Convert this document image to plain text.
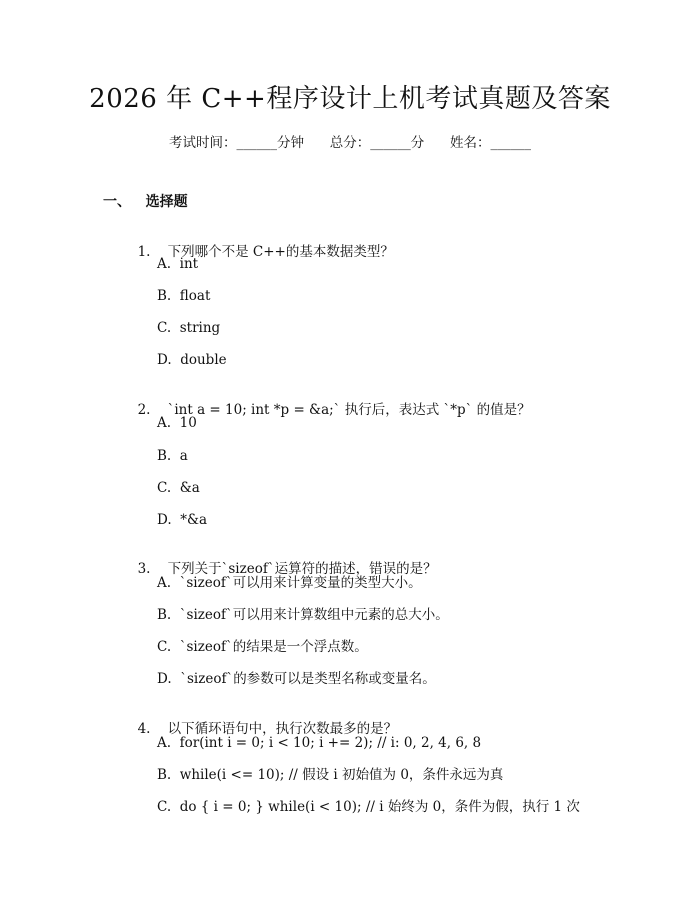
2026 年 C++程序设计上机考试真题及答案
考试时间：______分钟      总分：______分      姓名：______
一、   选择题

1. 下列哪个不是 C++的基本数据类型？

A.  int
B.  float
C.  string
D.  double

2. `int a = 10; int *p = &a;` 执行后，表达式 `*p` 的值是？

A.  10
B.  a
C.  &a
D.  *&a

3. 下列关于`sizeof`运算符的描述，错误的是？

A.  `sizeof`可以用来计算变量的类型大小。
B.  `sizeof`可以用来计算数组中元素的总大小。
C.  `sizeof`的结果是一个浮点数。
D.  `sizeof`的参数可以是类型名称或变量名。

4. 以下循环语句中，执行次数最多的是？

A.  for(int i = 0; i < 10; i += 2); // i: 0, 2, 4, 6, 8
B.  while(i <= 10); // 假设 i 初始值为 0，条件永远为真
C.  do { i = 0; } while(i < 10); // i 始终为 0，条件为假，执行 1 次
